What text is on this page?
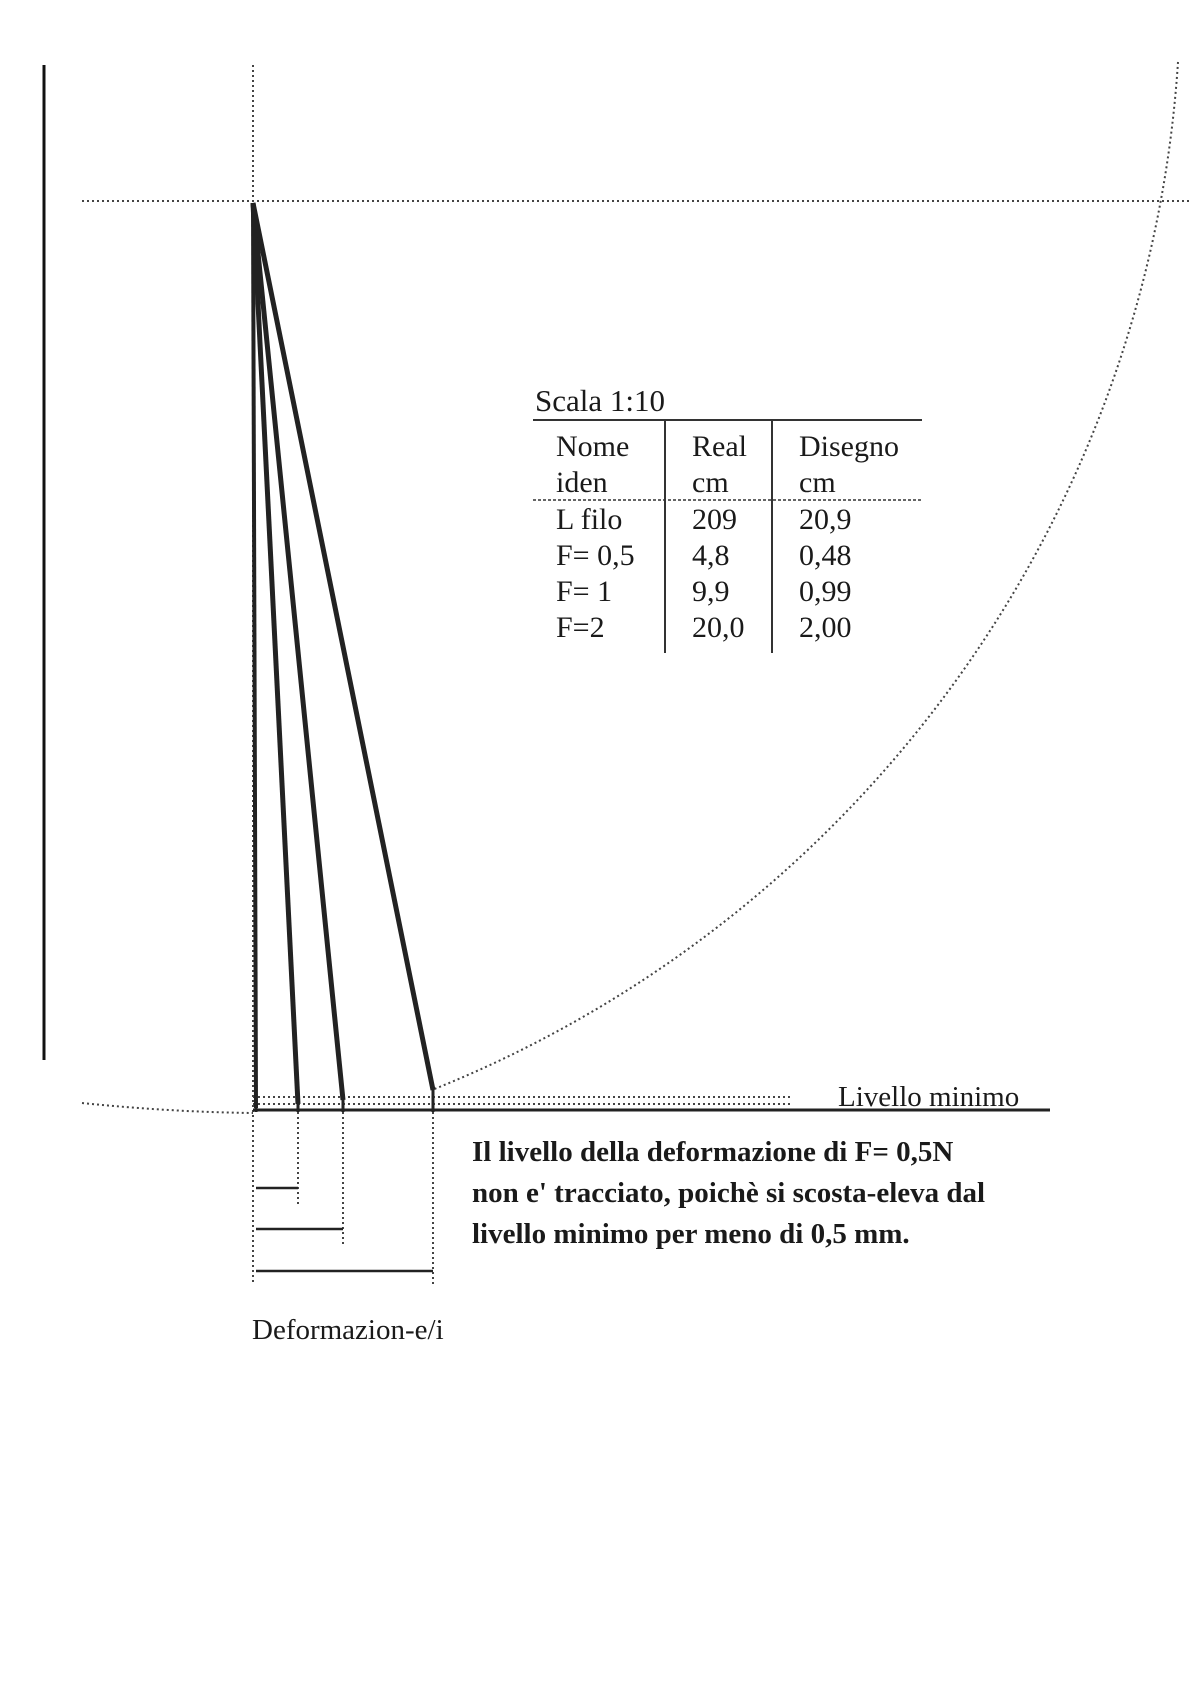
Scala 1:10
Nome
iden
Real
cm
Disegno
cm
L filo 209 20,9
F= 0,5 4,8 0,48
F= 1	9,9 0,99
F=2	20,0 2,00
Livello minimo
Il livello della deformazione di F= 0,5N
non e' tracciato, poichè si scosta-eleva dal
livello minimo per meno di 0,5 mm.
Deformazion-e/i
